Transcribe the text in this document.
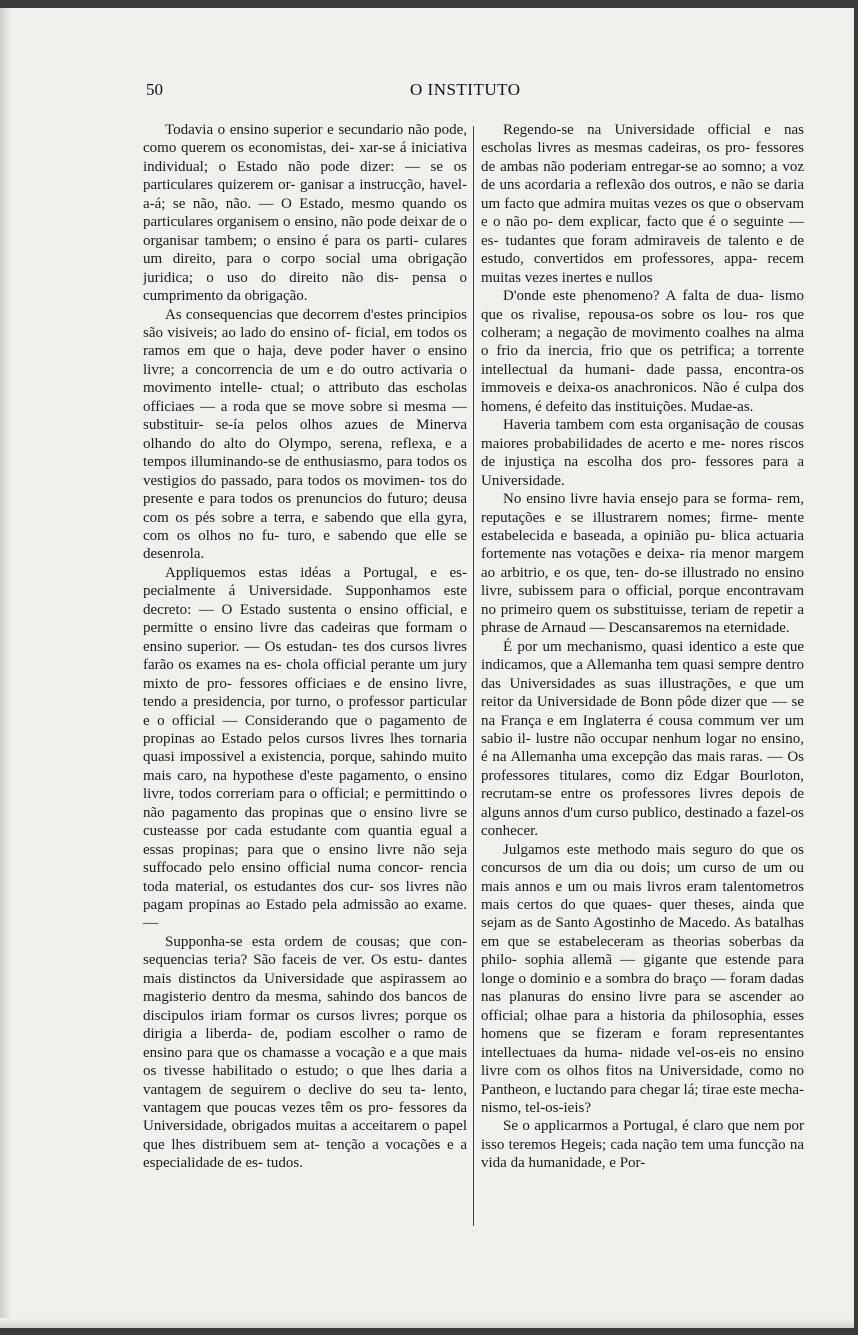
50	O INSTITUTO

Todavia o ensino superior e secundario não pode, como querem os economistas, dei- xar-se á iniciativa individual; o Estado não pode dizer: — se os particulares quizerem or- ganisar a instrucção, havel-a-á; se não, não. — O Estado, mesmo quando os particulares organisem o ensino, não pode deixar de o organisar tambem; o ensino é para os parti- culares um direito, para o corpo social uma obrigação juridica; o uso do direito não dis- pensa o cumprimento da obrigação.

As consequencias que decorrem d'estes principios são visiveis; ao lado do ensino of- ficial, em todos os ramos em que o haja, deve poder haver o ensino livre; a concorrencia de um e do outro activaria o movimento intelle- ctual; o attributo das escholas officiaes — a roda que se move sobre si mesma — substituir- se-ía pelos olhos azues de Minerva olhando do alto do Olympo, serena, reflexa, e a tempos illuminando-se de enthusiasmo, para todos os vestigios do passado, para todos os movimen- tos do presente e para todos os prenuncios do futuro; deusa com os pés sobre a terra, e sabendo que ella gyra, com os olhos no fu- turo, e sabendo que elle se desenrola.

Appliquemos estas idéas a Portugal, e es- pecialmente á Universidade. Supponhamos este decreto: — O Estado sustenta o ensino official, e permitte o ensino livre das cadeiras que formam o ensino superior. — Os estudan- tes dos cursos livres farão os exames na es- chola official perante um jury mixto de pro- fessores officiaes e de ensino livre, tendo a presidencia, por turno, o professor particular e o official — Considerando que o pagamento de propinas ao Estado pelos cursos livres lhes tornaria quasi impossivel a existencia, porque, sahindo muito mais caro, na hypothese d'este pagamento, o ensino livre, todos correriam para o official; e permittindo o não pagamento das propinas que o ensino livre se custeasse por cada estudante com quantia egual a essas propinas; para que o ensino livre não seja suffocado pelo ensino official numa concor- rencia toda material, os estudantes dos cur- sos livres não pagam propinas ao Estado pela admissão ao exame. —

Supponha-se esta ordem de cousas; que con- sequencias teria? São faceis de ver. Os estu- dantes mais distinctos da Universidade que aspirassem ao magisterio dentro da mesma, sahindo dos bancos de discipulos iriam formar os cursos livres; porque os dirigia a liberda- de, podiam escolher o ramo de ensino para que os chamasse a vocação e a que mais os tivesse habilitado o estudo; o que lhes daria a vantagem de seguirem o declive do seu ta- lento, vantagem que poucas vezes têm os pro- fessores da Universidade, obrigados muitas a acceitarem o papel que lhes distribuem sem at- tenção a vocações e a especialidade de es- tudos.

Regendo-se na Universidade official e nas escholas livres as mesmas cadeiras, os pro- fessores de ambas não poderiam entregar-se ao somno; a voz de uns acordaria a reflexão dos outros, e não se daria um facto que admira muitas vezes os que o observam e o não po- dem explicar, facto que é o seguinte — es- tudantes que foram admiraveis de talento e de estudo, convertidos em professores, appa- recem muitas vezes inertes e nullos

D'onde este phenomeno? A falta de dua- lismo que os rivalise, repousa-os sobre os lou- ros que colheram; a negação de movimento coalhes na alma o frio da inercia, frio que os petrifica; a torrente intellectual da humani- dade passa, encontra-os immoveis e deixa-os anachronicos. Não é culpa dos homens, é defeito das instituições. Mudae-as.

Haveria tambem com esta organisação de cousas maiores probabilidades de acerto e me- nores riscos de injustiça na escolha dos pro- fessores para a Universidade.

No ensino livre havia ensejo para se forma- rem, reputações e se illustrarem nomes; firme- mente estabelecida e baseada, a opinião pu- blica actuaria fortemente nas votações e deixa- ria menor margem ao arbitrio, e os que, ten- do-se illustrado no ensino livre, subissem para o official, porque encontravam no primeiro quem os substituisse, teriam de repetir a phrase de Arnaud — Descansaremos na eternidade.

É por um mechanismo, quasi identico a este que indicamos, que a Allemanha tem quasi sempre dentro das Universidades as suas illustrações, e que um reitor da Universidade de Bonn pôde dizer que — se na França e em Inglaterra é cousa commum ver um sabio il- lustre não occupar nenhum logar no ensino, é na Allemanha uma excepção das mais raras. — Os professores titulares, como diz Edgar Bourloton, recrutam-se entre os professores livres depois de alguns annos d'um curso publico, destinado a fazel-os conhecer.

Julgamos este methodo mais seguro do que os concursos de um dia ou dois; um curso de um ou mais annos e um ou mais livros eram talentometros mais certos do que quaes- quer theses, ainda que sejam as de Santo Agostinho de Macedo. As batalhas em que se estabeleceram as theorias soberbas da philo- sophia allemã — gigante que estende para longe o dominio e a sombra do braço — foram dadas nas planuras do ensino livre para se ascender ao official; olhae para a historia da philosophia, esses homens que se fizeram e foram representantes intellectuaes da huma- nidade vel-os-eis no ensino livre com os olhos fitos na Universidade, como no Pantheon, e luctando para chegar lá; tirae este mecha- nismo, tel-os-ieis?

Se o applicarmos a Portugal, é claro que nem por isso teremos Hegeis; cada nação tem uma funcção na vida da humanidade, e Por-
